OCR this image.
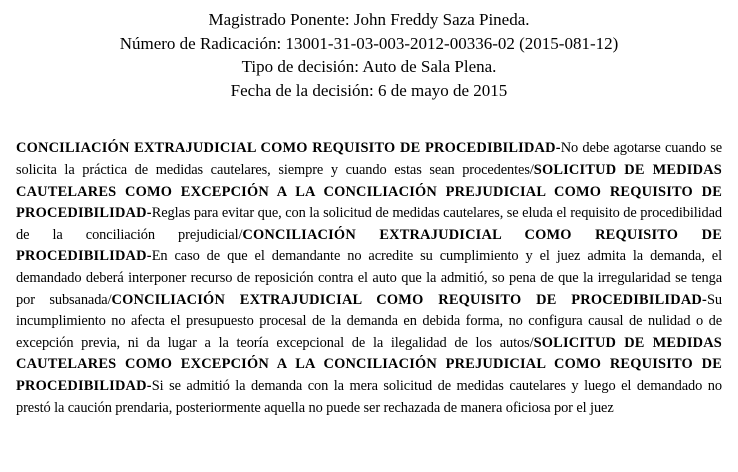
Magistrado Ponente: John Freddy Saza Pineda.
Número de Radicación: 13001-31-03-003-2012-00336-02 (2015-081-12)
Tipo de decisión: Auto de Sala Plena.
Fecha de la decisión: 6 de mayo de 2015

CONCILIACIÓN EXTRAJUDICIAL COMO REQUISITO DE PROCEDIBILIDAD-No debe agotarse cuando se solicita la práctica de medidas cautelares, siempre y cuando estas sean procedentes/SOLICITUD DE MEDIDAS CAUTELARES COMO EXCEPCIÓN A LA CONCILIACIÓN PREJUDICIAL COMO REQUISITO DE PROCEDIBILIDAD-Reglas para evitar que, con la solicitud de medidas cautelares, se eluda el requisito de procedibilidad de la conciliación prejudicial/CONCILIACIÓN EXTRAJUDICIAL COMO REQUISITO DE PROCEDIBILIDAD-En caso de que el demandante no acredite su cumplimiento y el juez admita la demanda, el demandado deberá interponer recurso de reposición contra el auto que la admitió, so pena de que la irregularidad se tenga por subsanada/CONCILIACIÓN EXTRAJUDICIAL COMO REQUISITO DE PROCEDIBILIDAD-Su incumplimiento no afecta el presupuesto procesal de la demanda en debida forma, no configura causal de nulidad o de excepción previa, ni da lugar a la teoría excepcional de la ilegalidad de los autos/SOLICITUD DE MEDIDAS CAUTELARES COMO EXCEPCIÓN A LA CONCILIACIÓN PREJUDICIAL COMO REQUISITO DE PROCEDIBILIDAD-Si se admitió la demanda con la mera solicitud de medidas cautelares y luego el demandado no prestó la caución prendaria, posteriormente aquella no puede ser rechazada de manera oficiosa por el juez
